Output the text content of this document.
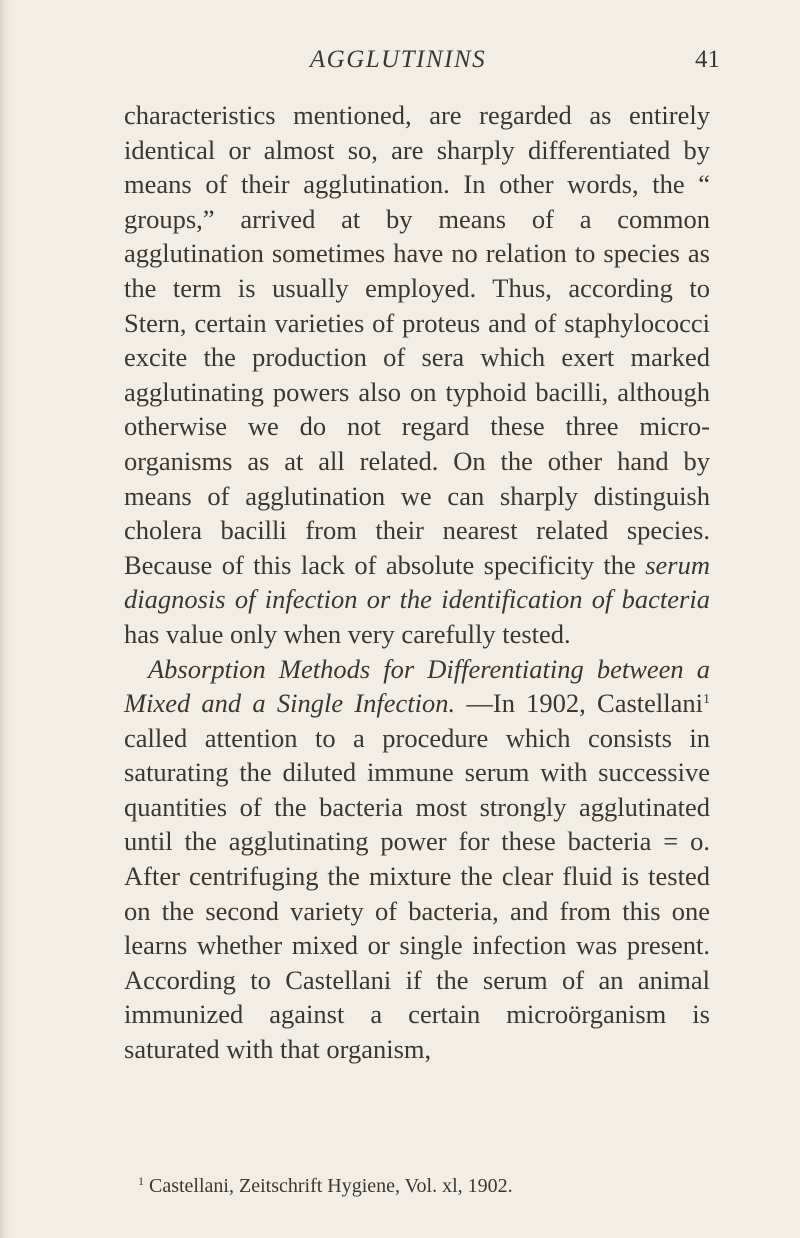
AGGLUTININS	41

characteristics mentioned, are regarded as entirely identical or almost so, are sharply differentiated by means of their agglutination. In other words, the “ groups,” arrived at by means of a common agglutination sometimes have no relation to species as the term is usually employed. Thus, according to Stern, certain varieties of proteus and of staphylococci excite the production of sera which exert marked agglutinating powers also on typhoid bacilli, although otherwise we do not regard these three micro-organisms as at all related. On the other hand by means of agglutination we can sharply distinguish cholera bacilli from their nearest related species. Because of this lack of absolute specificity the serum diagnosis of infection or the identification of bacteria has value only when very carefully tested.

Absorption Methods for Differentiating between a Mixed and a Single Infection. —In 1902, Castellani$^1$ called attention to a procedure which consists in saturating the diluted immune serum with successive quantities of the bacteria most strongly agglutinated until the agglutinating power for these bacteria = o. After centrifuging the mixture the clear fluid is tested on the second variety of bacteria, and from this one learns whether mixed or single infection was present. According to Castellani if the serum of an animal immunized against a certain microörganism is saturated with that organism,

$^1$ Castellani, Zeitschrift Hygiene, Vol. xl, 1902.
